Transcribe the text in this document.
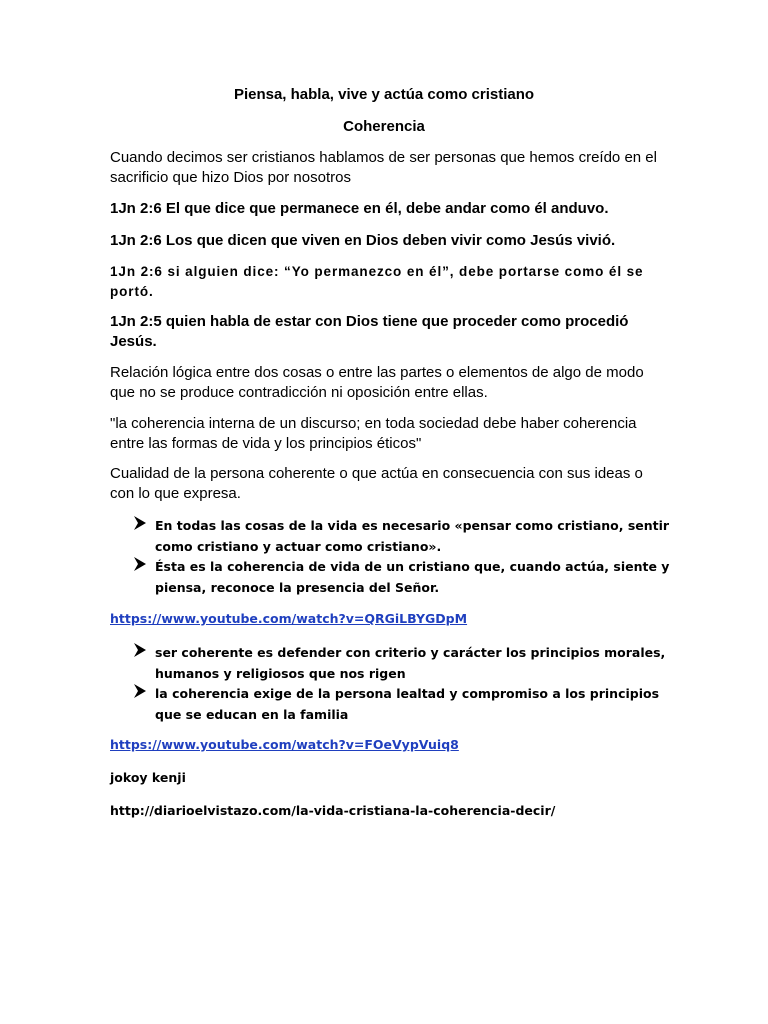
Piensa, habla, vive y actúa como cristiano
Coherencia
Cuando decimos ser cristianos hablamos de ser personas que hemos creído en el sacrificio que hizo Dios por nosotros
1Jn 2:6 El que dice que permanece en él, debe andar como él anduvo.
1Jn 2:6 Los que dicen que viven en Dios deben vivir como Jesús vivió.
1Jn 2:6 si alguien dice: “Yo permanezco en él”, debe portarse como él se portó.
1Jn 2:5 quien habla de estar con Dios tiene que proceder como procedió Jesús.
Relación lógica entre dos cosas o entre las partes o elementos de algo de modo que no se produce contradicción ni oposición entre ellas.
"la coherencia interna de un discurso; en toda sociedad debe haber coherencia entre las formas de vida y los principios éticos"
Cualidad de la persona coherente o que actúa en consecuencia con sus ideas o con lo que expresa.
En todas las cosas de la vida es necesario «pensar como cristiano, sentir como cristiano y actuar como cristiano».
Ésta es la coherencia de vida de un cristiano que, cuando actúa, siente y piensa, reconoce la presencia del Señor.
https://www.youtube.com/watch?v=QRGiLBYGDpM
ser coherente es defender con criterio y carácter los principios morales, humanos y religiosos que nos rigen
la coherencia exige de la persona lealtad y compromiso a los principios que se educan en la familia
https://www.youtube.com/watch?v=FOeVypVuiq8
jokoy kenji
http://diarioelvistazo.com/la-vida-cristiana-la-coherencia-decir/
